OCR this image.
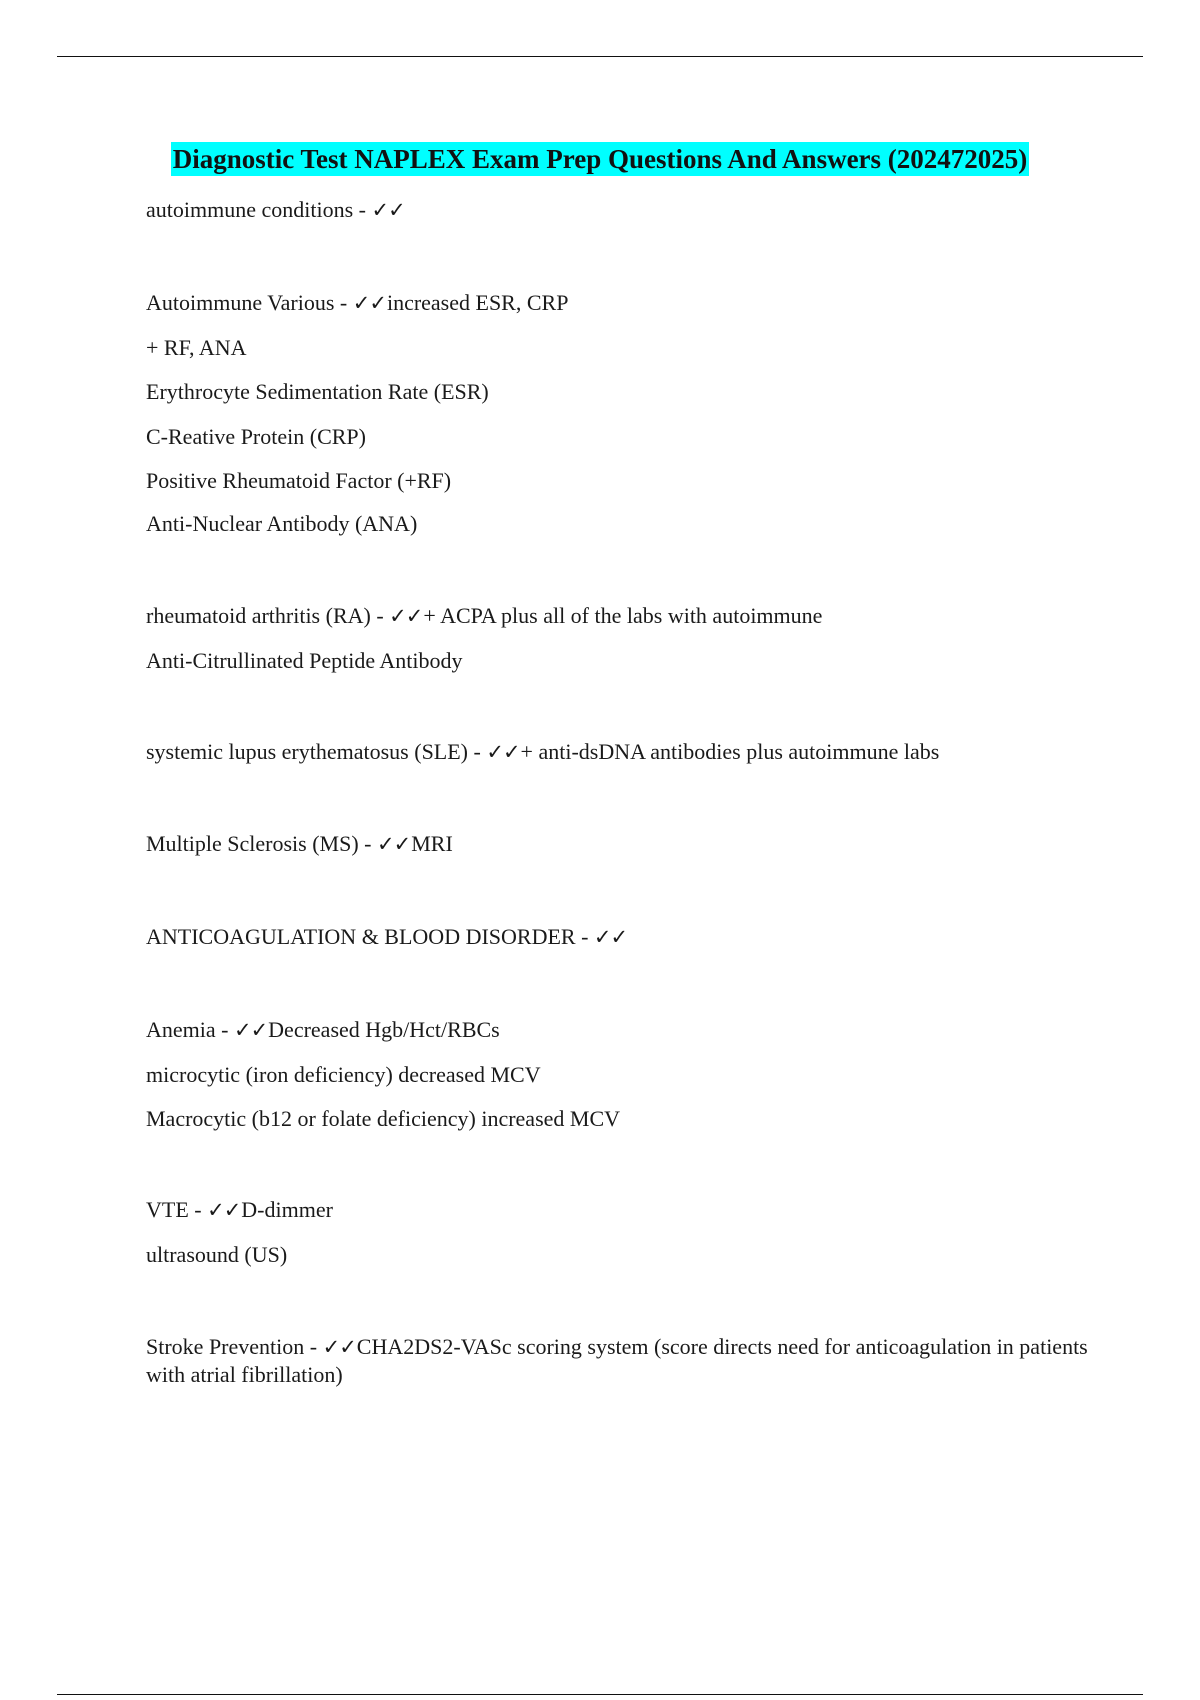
Diagnostic Test NAPLEX Exam Prep Questions And Answers (202472025)
autoimmune conditions - ✓✓
Autoimmune Various - ✓✓increased ESR, CRP
+ RF, ANA
Erythrocyte Sedimentation Rate (ESR)
C-Reative Protein (CRP)
Positive Rheumatoid Factor (+RF)
Anti-Nuclear Antibody (ANA)
rheumatoid arthritis (RA) - ✓✓+ ACPA plus all of the labs with autoimmune
Anti-Citrullinated Peptide Antibody
systemic lupus erythematosus (SLE) - ✓✓+ anti-dsDNA antibodies plus autoimmune labs
Multiple Sclerosis (MS) - ✓✓MRI
ANTICOAGULATION & BLOOD DISORDER - ✓✓
Anemia - ✓✓Decreased Hgb/Hct/RBCs
microcytic (iron deficiency) decreased MCV
Macrocytic (b12 or folate deficiency) increased MCV
VTE - ✓✓D-dimmer
ultrasound (US)
Stroke Prevention - ✓✓CHA2DS2-VASc scoring system (score directs need for anticoagulation in patients with atrial fibrillation)
